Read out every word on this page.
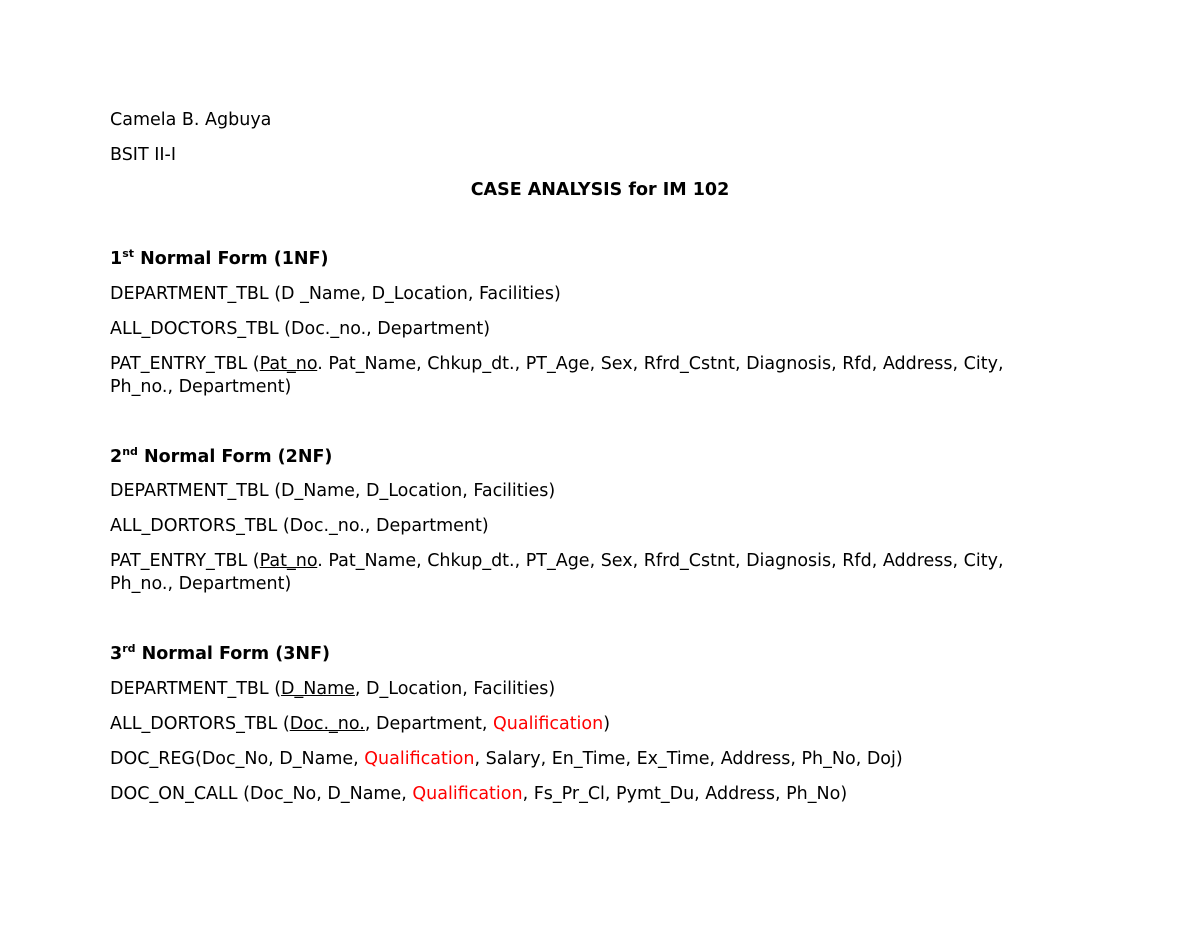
Camela B. Agbuya
BSIT II-I
CASE ANALYSIS for IM 102
1st Normal Form (1NF)
DEPARTMENT_TBL (D _Name, D_Location, Facilities)
ALL_DOCTORS_TBL (Doc._no., Department)
PAT_ENTRY_TBL (Pat_no. Pat_Name, Chkup_dt., PT_Age, Sex, Rfrd_Cstnt, Diagnosis, Rfd, Address, City, Ph_no., Department)
2nd Normal Form (2NF)
DEPARTMENT_TBL (D_Name, D_Location, Facilities)
ALL_DORTORS_TBL (Doc._no., Department)
PAT_ENTRY_TBL (Pat_no. Pat_Name, Chkup_dt., PT_Age, Sex, Rfrd_Cstnt, Diagnosis, Rfd, Address, City, Ph_no., Department)
3rd Normal Form (3NF)
DEPARTMENT_TBL (D_Name, D_Location, Facilities)
ALL_DORTORS_TBL (Doc._no., Department, Qualification)
DOC_REG(Doc_No, D_Name, Qualification, Salary, En_Time, Ex_Time, Address, Ph_No, Doj)
DOC_ON_CALL (Doc_No, D_Name, Qualification, Fs_Pr_Cl, Pymt_Du, Address, Ph_No)
